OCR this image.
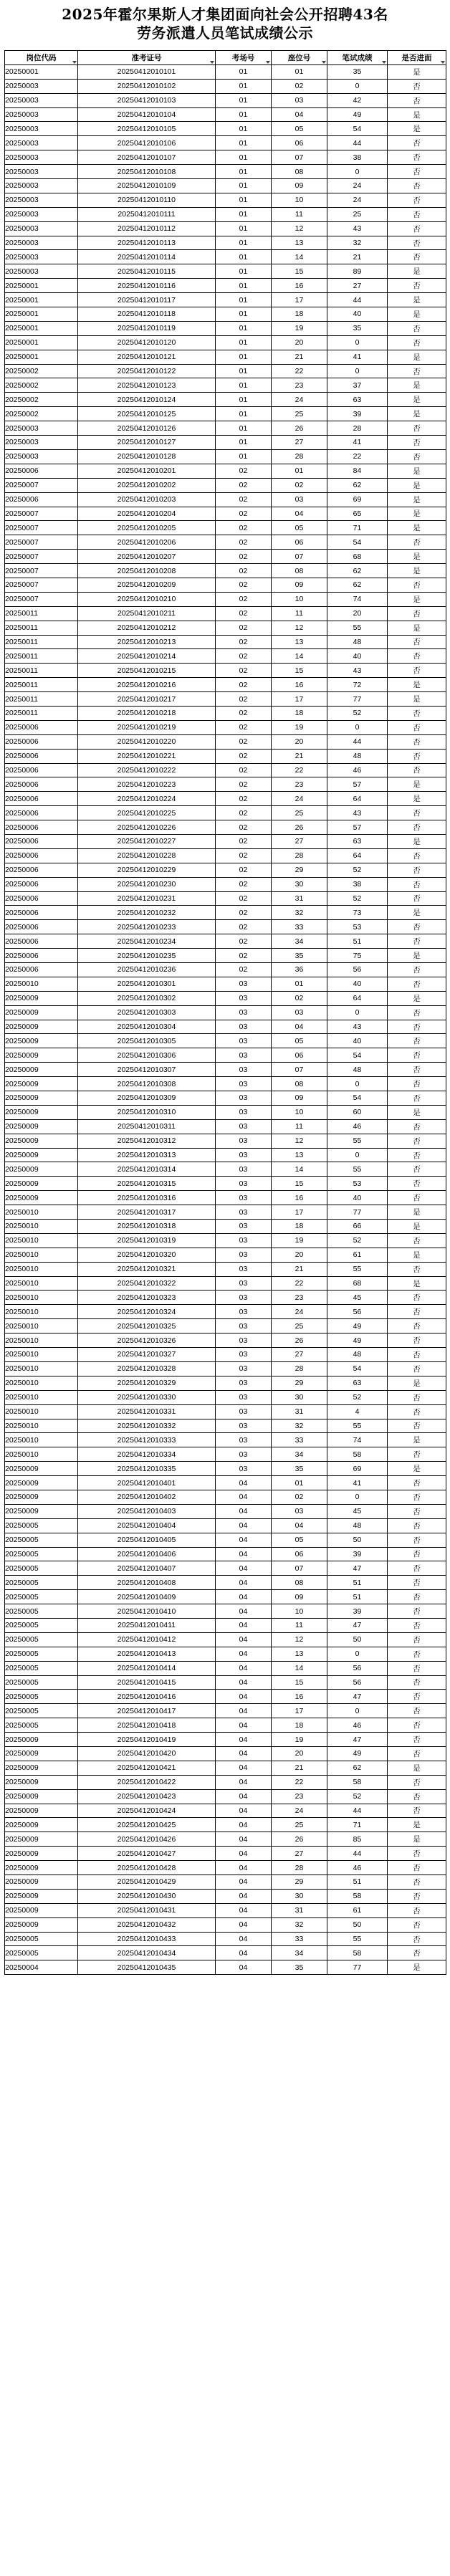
2025年霍尔果斯人才集团面向社会公开招聘43名
劳务派遣人员笔试成绩公示
岗位代码	准考证号	考场号	座位号	笔试成绩	是否进面

20250001	20250412010101	01	01	35	是
20250003	20250412010102	01	02	0	否
20250003	20250412010103	01	03	42	否
20250003	20250412010104	01	04	49	是
20250003	20250412010105	01	05	54	是
20250003	20250412010106	01	06	44	否
20250003	20250412010107	01	07	38	否
20250003	20250412010108	01	08	0	否
20250003	20250412010109	01	09	24	否
20250003	20250412010110	01	10	24	否
20250003	20250412010111	01	11	25	否
20250003	20250412010112	01	12	43	否
20250003	20250412010113	01	13	32	否
20250003	20250412010114	01	14	21	否
20250003	20250412010115	01	15	89	是
20250001	20250412010116	01	16	27	否
20250001	20250412010117	01	17	44	是
20250001	20250412010118	01	18	40	是
20250001	20250412010119	01	19	35	否
20250001	20250412010120	01	20	0	否
20250001	20250412010121	01	21	41	是
20250002	20250412010122	01	22	0	否
20250002	20250412010123	01	23	37	是
20250002	20250412010124	01	24	63	是
20250002	20250412010125	01	25	39	是
20250003	20250412010126	01	26	28	否
20250003	20250412010127	01	27	41	否
20250003	20250412010128	01	28	22	否
20250006	20250412010201	02	01	84	是
20250007	20250412010202	02	02	62	是
20250006	20250412010203	02	03	69	是
20250007	20250412010204	02	04	65	是
20250007	20250412010205	02	05	71	是
20250007	20250412010206	02	06	54	否
20250007	20250412010207	02	07	68	是
20250007	20250412010208	02	08	62	是
20250007	20250412010209	02	09	62	否
20250007	20250412010210	02	10	74	是
20250011	20250412010211	02	11	20	否
20250011	20250412010212	02	12	55	是
20250011	20250412010213	02	13	48	否
20250011	20250412010214	02	14	40	否
20250011	20250412010215	02	15	43	否
20250011	20250412010216	02	16	72	是
20250011	20250412010217	02	17	77	是
20250011	20250412010218	02	18	52	否
20250006	20250412010219	02	19	0	否
20250006	20250412010220	02	20	44	否
20250006	20250412010221	02	21	48	否
20250006	20250412010222	02	22	46	否
20250006	20250412010223	02	23	57	是
20250006	20250412010224	02	24	64	是
20250006	20250412010225	02	25	43	否
20250006	20250412010226	02	26	57	否
20250006	20250412010227	02	27	63	是
20250006	20250412010228	02	28	64	否
20250006	20250412010229	02	29	52	否
20250006	20250412010230	02	30	38	否
20250006	20250412010231	02	31	52	否
20250006	20250412010232	02	32	73	是
20250006	20250412010233	02	33	53	否
20250006	20250412010234	02	34	51	否
20250006	20250412010235	02	35	75	是
20250006	20250412010236	02	36	56	否
20250010	20250412010301	03	01	40	否
20250009	20250412010302	03	02	64	是
20250009	20250412010303	03	03	0	否
20250009	20250412010304	03	04	43	否
20250009	20250412010305	03	05	40	否
20250009	20250412010306	03	06	54	否
20250009	20250412010307	03	07	48	否
20250009	20250412010308	03	08	0	否
20250009	20250412010309	03	09	54	否
20250009	20250412010310	03	10	60	是
20250009	20250412010311	03	11	46	否
20250009	20250412010312	03	12	55	否
20250009	20250412010313	03	13	0	否
20250009	20250412010314	03	14	55	否
20250009	20250412010315	03	15	53	否
20250009	20250412010316	03	16	40	否
20250010	20250412010317	03	17	77	是
20250010	20250412010318	03	18	66	是
20250010	20250412010319	03	19	52	否
20250010	20250412010320	03	20	61	是
20250010	20250412010321	03	21	55	否
20250010	20250412010322	03	22	68	是
20250010	20250412010323	03	23	45	否
20250010	20250412010324	03	24	56	否
20250010	20250412010325	03	25	49	否
20250010	20250412010326	03	26	49	否
20250010	20250412010327	03	27	48	否
20250010	20250412010328	03	28	54	否
20250010	20250412010329	03	29	63	是
20250010	20250412010330	03	30	52	否
20250010	20250412010331	03	31	4	否
20250010	20250412010332	03	32	55	否
20250010	20250412010333	03	33	74	是
20250010	20250412010334	03	34	58	否
20250009	20250412010335	03	35	69	是
20250009	20250412010401	04	01	41	否
20250009	20250412010402	04	02	0	否
20250009	20250412010403	04	03	45	否
20250005	20250412010404	04	04	48	否
20250005	20250412010405	04	05	50	否
20250005	20250412010406	04	06	39	否
20250005	20250412010407	04	07	47	否
20250005	20250412010408	04	08	51	否
20250005	20250412010409	04	09	51	否
20250005	20250412010410	04	10	39	否
20250005	20250412010411	04	11	47	否
20250005	20250412010412	04	12	50	否
20250005	20250412010413	04	13	0	否
20250005	20250412010414	04	14	56	否
20250005	20250412010415	04	15	56	否
20250005	20250412010416	04	16	47	否
20250005	20250412010417	04	17	0	否
20250005	20250412010418	04	18	46	否
20250009	20250412010419	04	19	47	否
20250009	20250412010420	04	20	49	否
20250009	20250412010421	04	21	62	是
20250009	20250412010422	04	22	58	否
20250009	20250412010423	04	23	52	否
20250009	20250412010424	04	24	44	否
20250009	20250412010425	04	25	71	是
20250009	20250412010426	04	26	85	是
20250009	20250412010427	04	27	44	否
20250009	20250412010428	04	28	46	否
20250009	20250412010429	04	29	51	否
20250009	20250412010430	04	30	58	否
20250009	20250412010431	04	31	61	否
20250009	20250412010432	04	32	50	否
20250005	20250412010433	04	33	55	否
20250005	20250412010434	04	34	58	否
20250004	20250412010435	04	35	77	是
